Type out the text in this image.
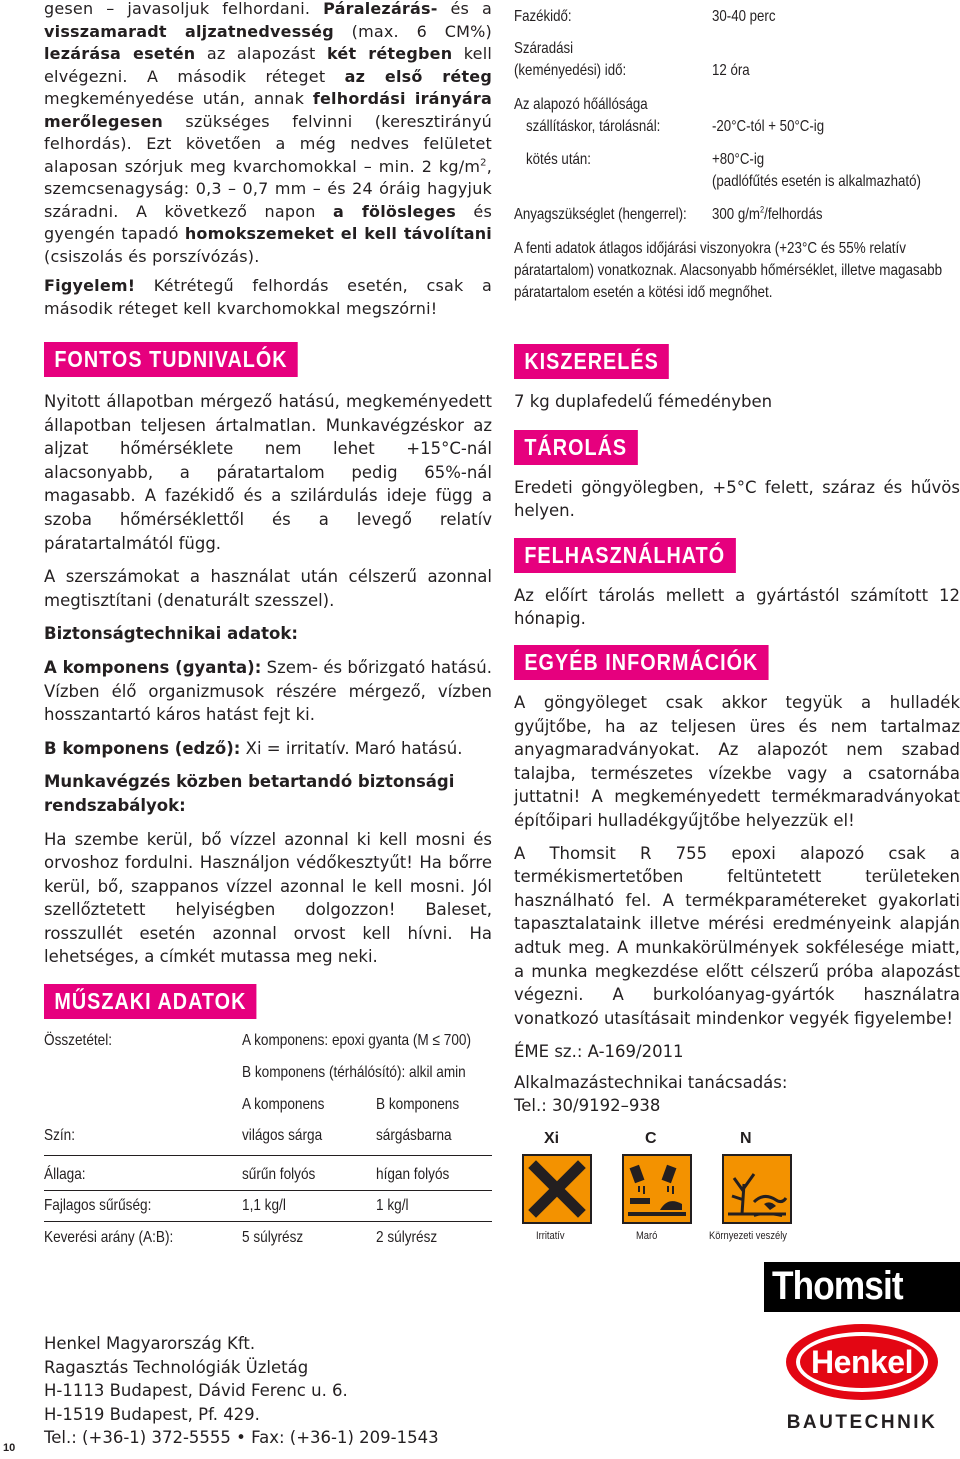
gesen – javasoljuk felhordani. Páralezárás- és a visszamaradt aljzatnedvesség (max. 6 CM%) lezárása esetén az alapozást két rétegben kell elvégezni. A második réteget az első réteg megkeményedése után, annak felhordási irányára merőlegesen szükséges felvinni (keresztirányú felhordás). Ezt követően a még nedves felületet alaposan szórjuk meg kvarchomokkal – min. 2 $kg/m^2$, szemcsenagyság: 0,3 – 0,7 mm – és 24 óráig hagyjuk száradni. A következő napon a fölösleges és gyengén tapadó homokszemeket el kell távolítani (csiszolás és porszívózás).

Figyelem! Kétrétegű felhordás esetén, csak a második réteget kell kvarchomokkal megszórni!

FONTOS TUDNIVALÓK

Nyitott állapotban mérgező hatású, megkeményedett állapotban teljesen ártalmatlan. Munkavégzéskor az aljzat hőmérséklete nem lehet +15°C-nál alacsonyabb, a páratartalom pedig 65%-nál magasabb. A fazékidő és a szilárdulás ideje függ a szoba hőmérséklettől és a levegő relatív páratartalmától függ.

A szerszámokat a használat után célszerű azonnal megtisztítani (denaturált szesszel).

Biztonságtechnikai adatok:

A komponens (gyanta): Szem- és bőrizgató hatású. Vízben élő organizmusok részére mérgező, vízben hosszantartó káros hatást fejt ki.

B komponens (edző): Xi = irritatív. Maró hatású.

Munkavégzés közben betartandó biztonsági rendszabályok:

Ha szembe kerül, bő vízzel azonnal ki kell mosni és orvoshoz fordulni. Használjon védőkesztyűt! Ha bőrre kerül, bő, szappanos vízzel azonnal le kell mosni. Jól szellőztetett helyiségben dolgozzon! Baleset, rosszullét esetén azonnal orvost kell hívni. Ha lehetséges, a címkét mutassa meg neki.

MŰSZAKI ADATOK
Összetétel:	A komponens: epoxi gyanta (M ≤ 700)
B komponens (térhálósító): alkil amin
A komponens	B komponens
Szín:	világos sárga	sárgásbarna
Állaga:	sűrűn folyós	hígan folyós
Fajlagos sűrűség:	1,1 kg/l	1 kg/l
Keverési arány (A:B):	5 súlyrész	2 súlyrész

Henkel Magyarország Kft.

Ragasztás Technológiák Üzletág

H-1113 Budapest, Dávid Ferenc u. 6.

H-1519 Budapest, Pf. 429.

Tel.: (+36-1) 372-5555 • Fax: (+36-1) 209-1543

10
Fazékidő:	30-40 perc
Száradási
(keményedési) idő:	12 óra
Az alapozó hőállósága
szállításkor, tárolásnál:	-20°C-tól + 50°C-ig
kötés után:	+80°C-ig
(padlófűtés esetén is alkalmazható)
Anyagszükséglet (hengerrel): 300 $g/m^2$/felhordás

A fenti adatok átlagos időjárási viszonyokra (+23°C és 55% relatív páratartalom) vonatkoznak. Alacsonyabb hőmérséklet, illetve magasabb páratartalom esetén a kötési idő megnőhet.

KISZERELÉS

7 kg duplafedelű fémedényben

TÁROLÁS

Eredeti göngyölegben, +5°C felett, száraz és hűvös helyen.

FELHASZNÁLHATÓ

Az előírt tárolás mellett a gyártástól számított 12 hónapig.

EGYÉB INFORMÁCIÓK

A göngyöleget csak akkor tegyük a hulladék gyűjtőbe, ha az teljesen üres és nem tartalmaz anyagmaradványokat. Az alapozót nem szabad talajba, természetes vízekbe vagy a csatornába juttatni! A megkeményedett termékmaradványokat építőipari hulladékgyűjtőbe helyezzük el!

A Thomsit R 755 epoxi alapozó csak a termékismertetőben feltüntetett területeken használható fel. A termékparamétereket gyakorlati tapasztalataink illetve mérési eredményeink alapján adtuk meg. A munkakörülmények sokfélesége miatt, a munka megkezdése előtt célszerű próba alapozást végezni. A burkolóanyag-gyártók használatra vonatkozó utasításait mindenkor vegyék figyelembe!

ÉME sz.: A-169/2011

Alkalmazástechnikai tanácsadás:

Tel.: 30/9192–938

Xi	C	N
Irritatív	Maró	Környezeti veszély
Thomsit
Henkel
BAUTECHNIK
